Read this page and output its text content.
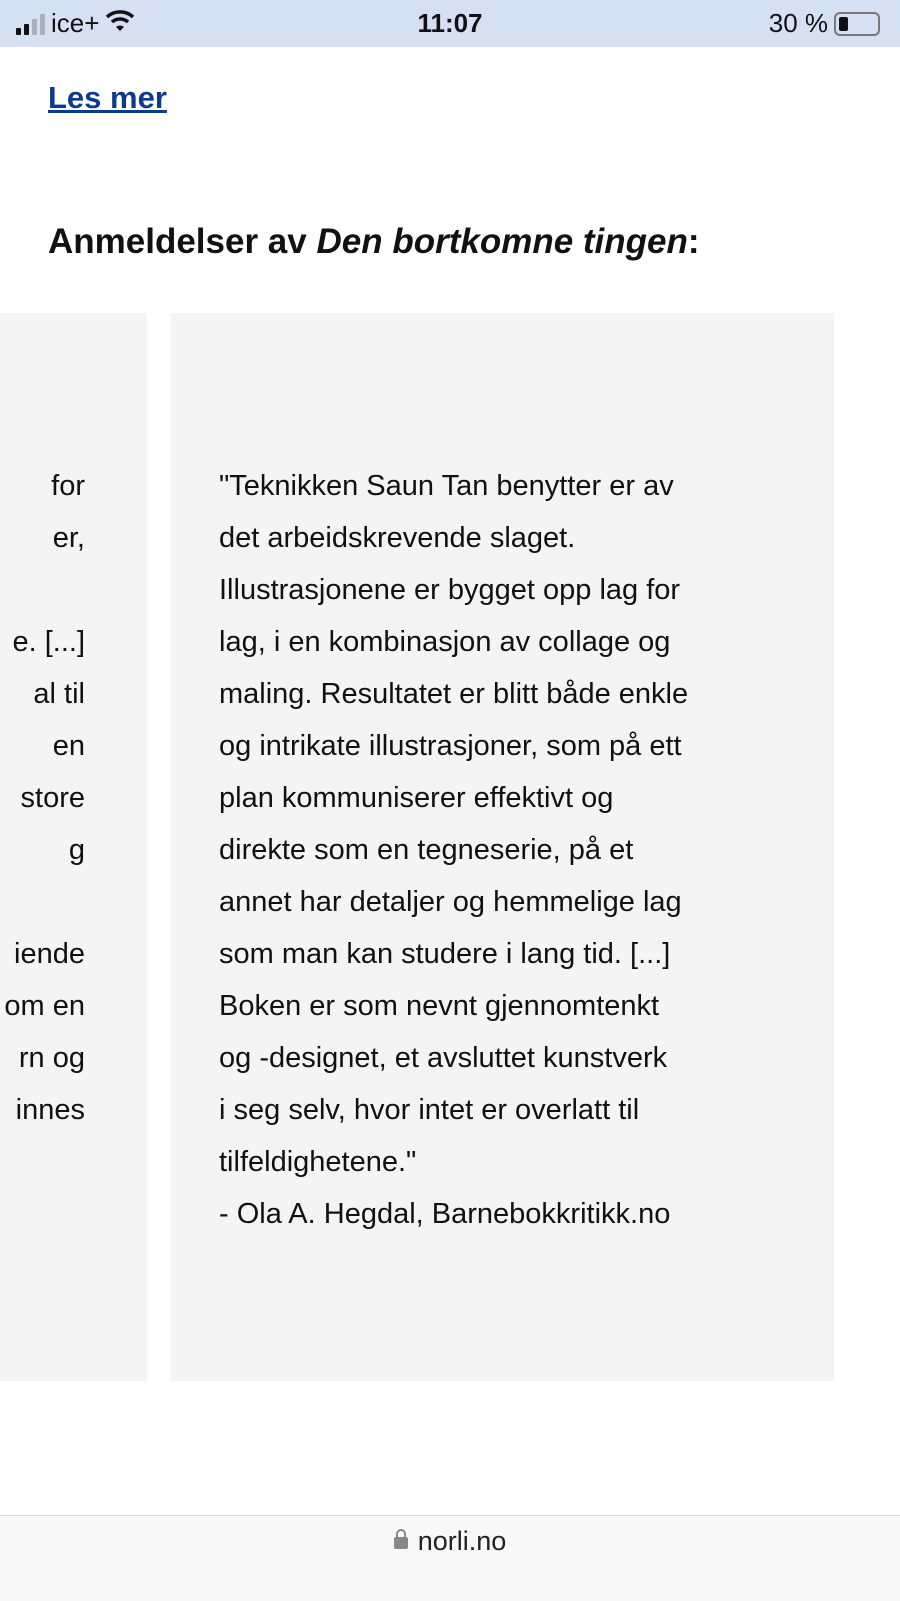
ice+	11:07	30 %
Les mer
Anmeldelser av Den bortkomne tingen:
for
er,
e. [...]
al til
en
store
g
iende
om en
rn og
innes
"Teknikken Saun Tan benytter er av
det arbeidskrevende slaget.
Illustrasjonene er bygget opp lag for
lag, i en kombinasjon av collage og
maling. Resultatet er blitt både enkle
og intrikate illustrasjoner, som på ett
plan kommuniserer effektivt og
direkte som en tegneserie, på et
annet har detaljer og hemmelige lag
som man kan studere i lang tid. [...]
Boken er som nevnt gjennomtenkt
og -designet, et avsluttet kunstverk
i seg selv, hvor intet er overlatt til
tilfeldighetene."
- Ola A. Hegdal, Barnebokkritikk.no
norli.no
